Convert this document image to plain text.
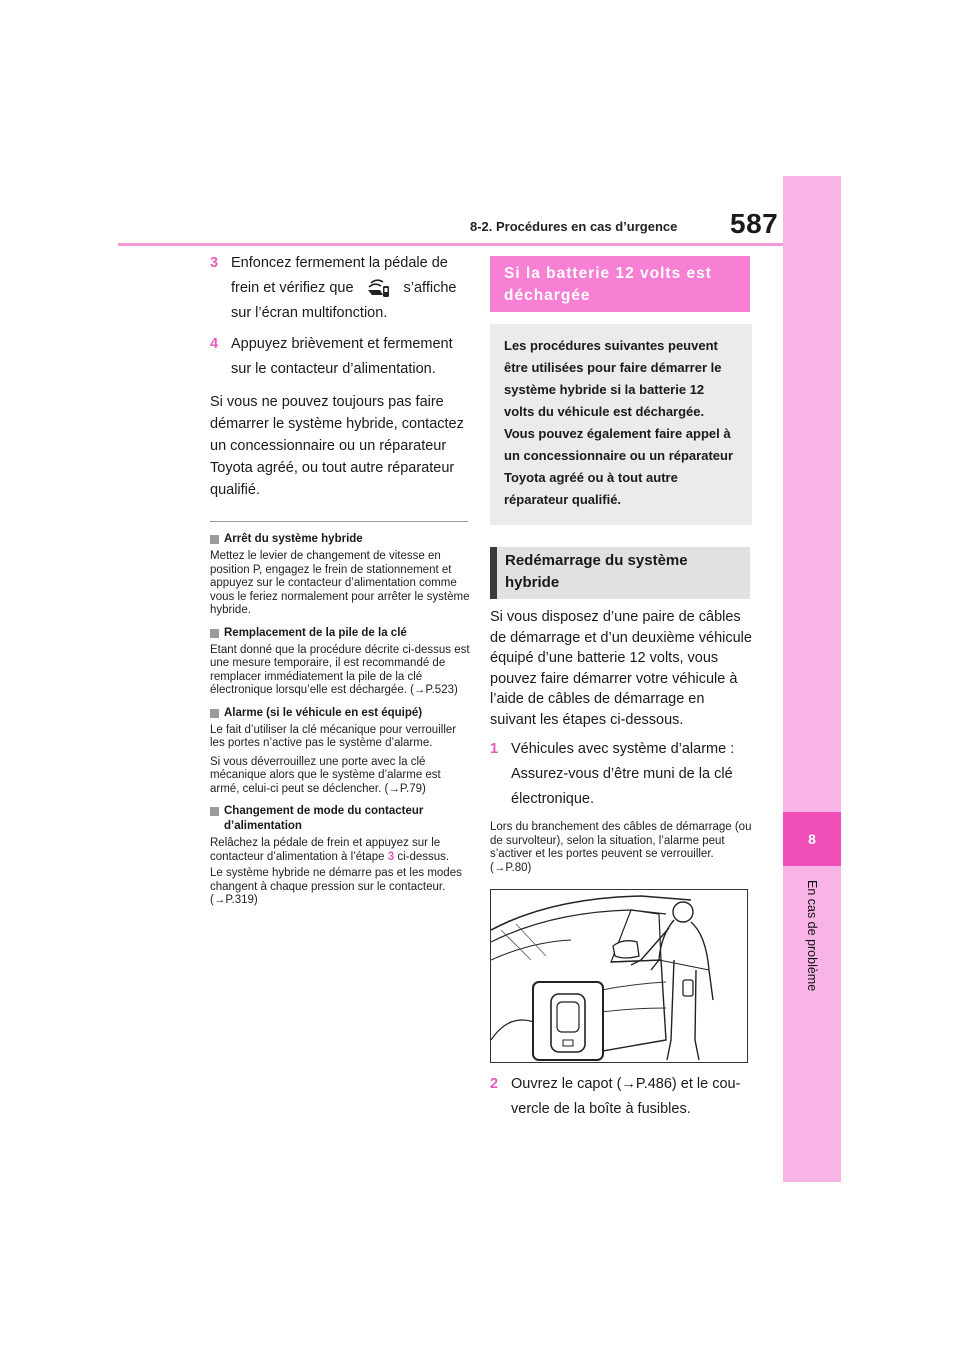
8-2. Procédures en cas d’urgence 587
8
En cas de problème
3 Enfoncez fermement la pédale de
frein et vérifiez que	s’affiche
sur l’écran multifonction.
4 Appuyez brièvement et fermement
sur le contacteur d’alimentation.

Si vous ne pouvez toujours pas faire démarrer le système hybride, contactez un concessionnaire ou un réparateur Toyota agréé, ou tout autre réparateur qualifié.

Arrêt du système hybride

Mettez le levier de changement de vitesse en position P, engagez le frein de stationnement et appuyez sur le contacteur d’alimentation comme vous le feriez normalement pour arrêter le système hybride.

Remplacement de la pile de la clé

Etant donné que la procédure décrite ci-dessus est une mesure temporaire, il est recommandé de remplacer immédiatement la pile de la clé électronique lorsqu’elle est déchargée. (→P.523)

Alarme (si le véhicule en est équipé)

Le fait d’utiliser la clé mécanique pour verrouiller les portes n’active pas le système d’alarme.

Si vous déverrouillez une porte avec la clé mécanique alors que le système d’alarme est armé, celui-ci peut se déclencher. (→P.79)

Changement de mode du contacteur d’alimentation

Relâchez la pédale de frein et appuyez sur le contacteur d’alimentation à l’étape 3 ci-dessus.

Le système hybride ne démarre pas et les modes changent à chaque pression sur le contacteur. (→P.319)

Si la batterie 12 volts est déchargée
Les procédures suivantes peuvent être utilisées pour faire démarrer le système hybride si la batterie 12 volts du véhicule est déchargée. Vous pouvez également faire appel à un concessionnaire ou un réparateur Toyota agréé ou à tout autre réparateur qualifié.
Redémarrage du système hybride

Si vous disposez d’une paire de câbles de démarrage et d’un deuxième véhicule équipé d’une batterie 12 volts, vous pouvez faire démarrer votre véhicule à l’aide de câbles de démarrage en suivant les étapes ci-dessous.

1 Véhicules avec système d’alarme :
Assurez-vous d’être muni de la clé
électronique.

Lors du branchement des câbles de démarrage (ou de survolteur), selon la situation, l’alarme peut s’activer et les portes peuvent se verrouiller. (→P.80)

2 Ouvrez le capot (→P.486) et le cou-
vercle de la boîte à fusibles.
